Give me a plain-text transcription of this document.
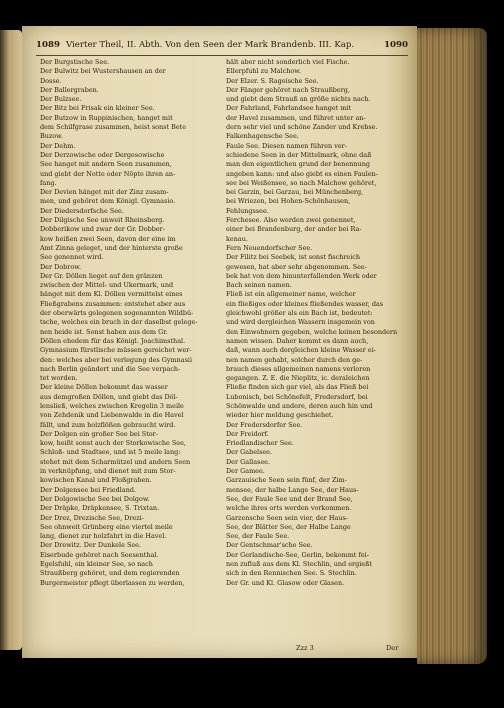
1089 Vierter Theil, II. Abth. Von den Seen der Mark Brandenb. III. Kap.	1090
Der Burgstische See.
Der Bulwitz bei Wustershausen an der
Dosse.
Der Ballergraben.
Der Bulzsee.
Der Bitz bei Frisak ein kleiner See.
Der Butzow in Ruppinischen, hanget mit
dem Schilfgrase zusammen, heist sonst Bete
Buzow.
Der Dehm.
Der Derzowische oder Dergesowische
See hanget mit andern Seen zusammen,
und giebt der Notte oder Nöpte ihren an-
fang.
Der Devien hänget mit der Zinz zusam-
men, und gehöret dem Königl. Gymnasio.
Der Diedersdorfsche See.
Der Dilgische See unweit Rheinsberg.
Dobberikow und zwar der Gr. Dobber-
kow heißen zwei Seen, davon der eine im
Amt Zinna geleget, und der hinterste große
See genennet wird.
Der Dobrow.
Der Gr. Döllen lieget auf den gränzen
zwischen der Mittel- und Ukermark, und
hänget mit dem Kl. Döllen vermittelst eines
Fließgrabens zusammen: entstehet aber aus
der oberwärts gelegenen sogenannten Wildbü-
tsche, welches ein bruch in der daselbst gelege-
nen heide ist. Sonst haben aus dem Gr.
Döllen ehedem für das Königl. Joachimsthal.
Gymnasium fürstlische müssen gereichet wer-
den: welches aber bei verlegung des Gymnasii
nach Berlin geändert und die See verpach-
tet worden.
Der kleine Döllen bekommt das wasser
aus demgroßen Döllen, und giebt das Döl-
lensließ, welches zwischen Kregelin 3 meile
von Zehdenik und Liebenwalde in die Havel
fällt, und zum holzflößen gebraucht wird.
Der Dolgen ein großer See bei Stor-
kow, heißt sonst auch der Storkowische See,
Schloß- und Stadtsee, und ist 5 meile lang:
stehet mit dem Scharmützel und andern Seen
in verknüpfung, und dienet mit zum Stor-
kowischen Kanal und Floßgraben.
Der Dolgensee bei Friedland.
Der Dolgowische See bei Dolgow.
Der Dräpke, Dräpkensee, S. Trixtan.
Der Drez, Drezische See, Drezi-
See ohnweit Grünberg eine viertel meile
lang, dienet zur holzfahrt in die Havel.
Der Drewitz. Der Dunkele See.
Eiserbude gehöret nach Seesenthal.
Egelsfuhl, ein kleiner See, so nach
Straußberg gehöret, und dem regierenden
Burgermeister pflegt überlassen zu werden,
hält aber nicht sonderlich viel Fische.
Ellerpfuhl zu Malchow.
Der Elzer. S. Rageische See.
Der Fänger gehöret nach Straußberg,
und giebt dem Strauß an größe nichts nach.
Der Fahrland, Fahrlandsee hanget mit
der Havel zusammen, und führet unter an-
dern sehr viel und schöne Zander und Krebse.
Falkenhagensche See.
Faule See. Diesen namen führen ver-
schiedene Seen in der Mittelmark, ohne daß
man den eigentlichen grund der benennung
angeben kann: und also giebt es einen Faulen-
see bei Weißensee, so nach Malchow gehöret,
bei Garzin, bei Garzau, bei Münchenberg,
bei Wriezen, bei Hohen-Schönhausen,
Fehlungssee.
Ferchesee. Also werden zwei genennet,
einer bei Brandenburg, der ander bei Ra-
kenau.
Fern Neuendorfscher See.
Der Filitz bei Seebek, ist sonst fischreich
gewesen, hat aber sehr abgenommen. See-
bek hat von dem hinunterfallenden Werk oder
Bach seinen namen.
Fließ ist ein allgemeiner name, welcher
ein fließiges oder kleines fließendes wasser, das
gleichwohl größer als ein Bach ist, bedeutet:
und wird dergleichen Wassern insgemein von
den Einwohnern gegeben, welche keinen besondern
namen wissen. Daher kommt es dann auch,
daß, wann auch dergleichen kleine Wasser ei-
nen namen gehabt, solcher durch den ge-
brauch dieses allgemeinen namens verloren
gegangen. Z. E. die Nieplitz, ic. deraleichen
Fließe finden sich gar viel, als das Fließ bei
Lubonisch, bei Schönefelt, Fredersdorf, bei
Schönwalde und andere, deren auch hin und
wieder hier meldung geschiehet.
Der Fredersdorfer See.
Der Freidorf.
Friedlandischer See.
Der Gabelsee.
Der Gallasee.
Der Gamee.
Garzauische Seen sein fünf, der Zim-
mensee, der halbe Lange See, der Haus-
See, der Faule See und der Brand See,
welche ihres orts werden vorkommen.
Garzensche Seen sein vier, der Haus-
See, der Blätter See, der Halbe Lange
See, der Faule See.
Der Gentschmar'sche See.
Der Gerlandische-See, Gerlin, bekommt fei-
nen zufluß aus dem Kl. Stechlin, und ergießt
sich in den Rennischen See. S. Stechlin.
Der Gr. und Kl. Glasow oder Glasen.
Zzz 3	Der
